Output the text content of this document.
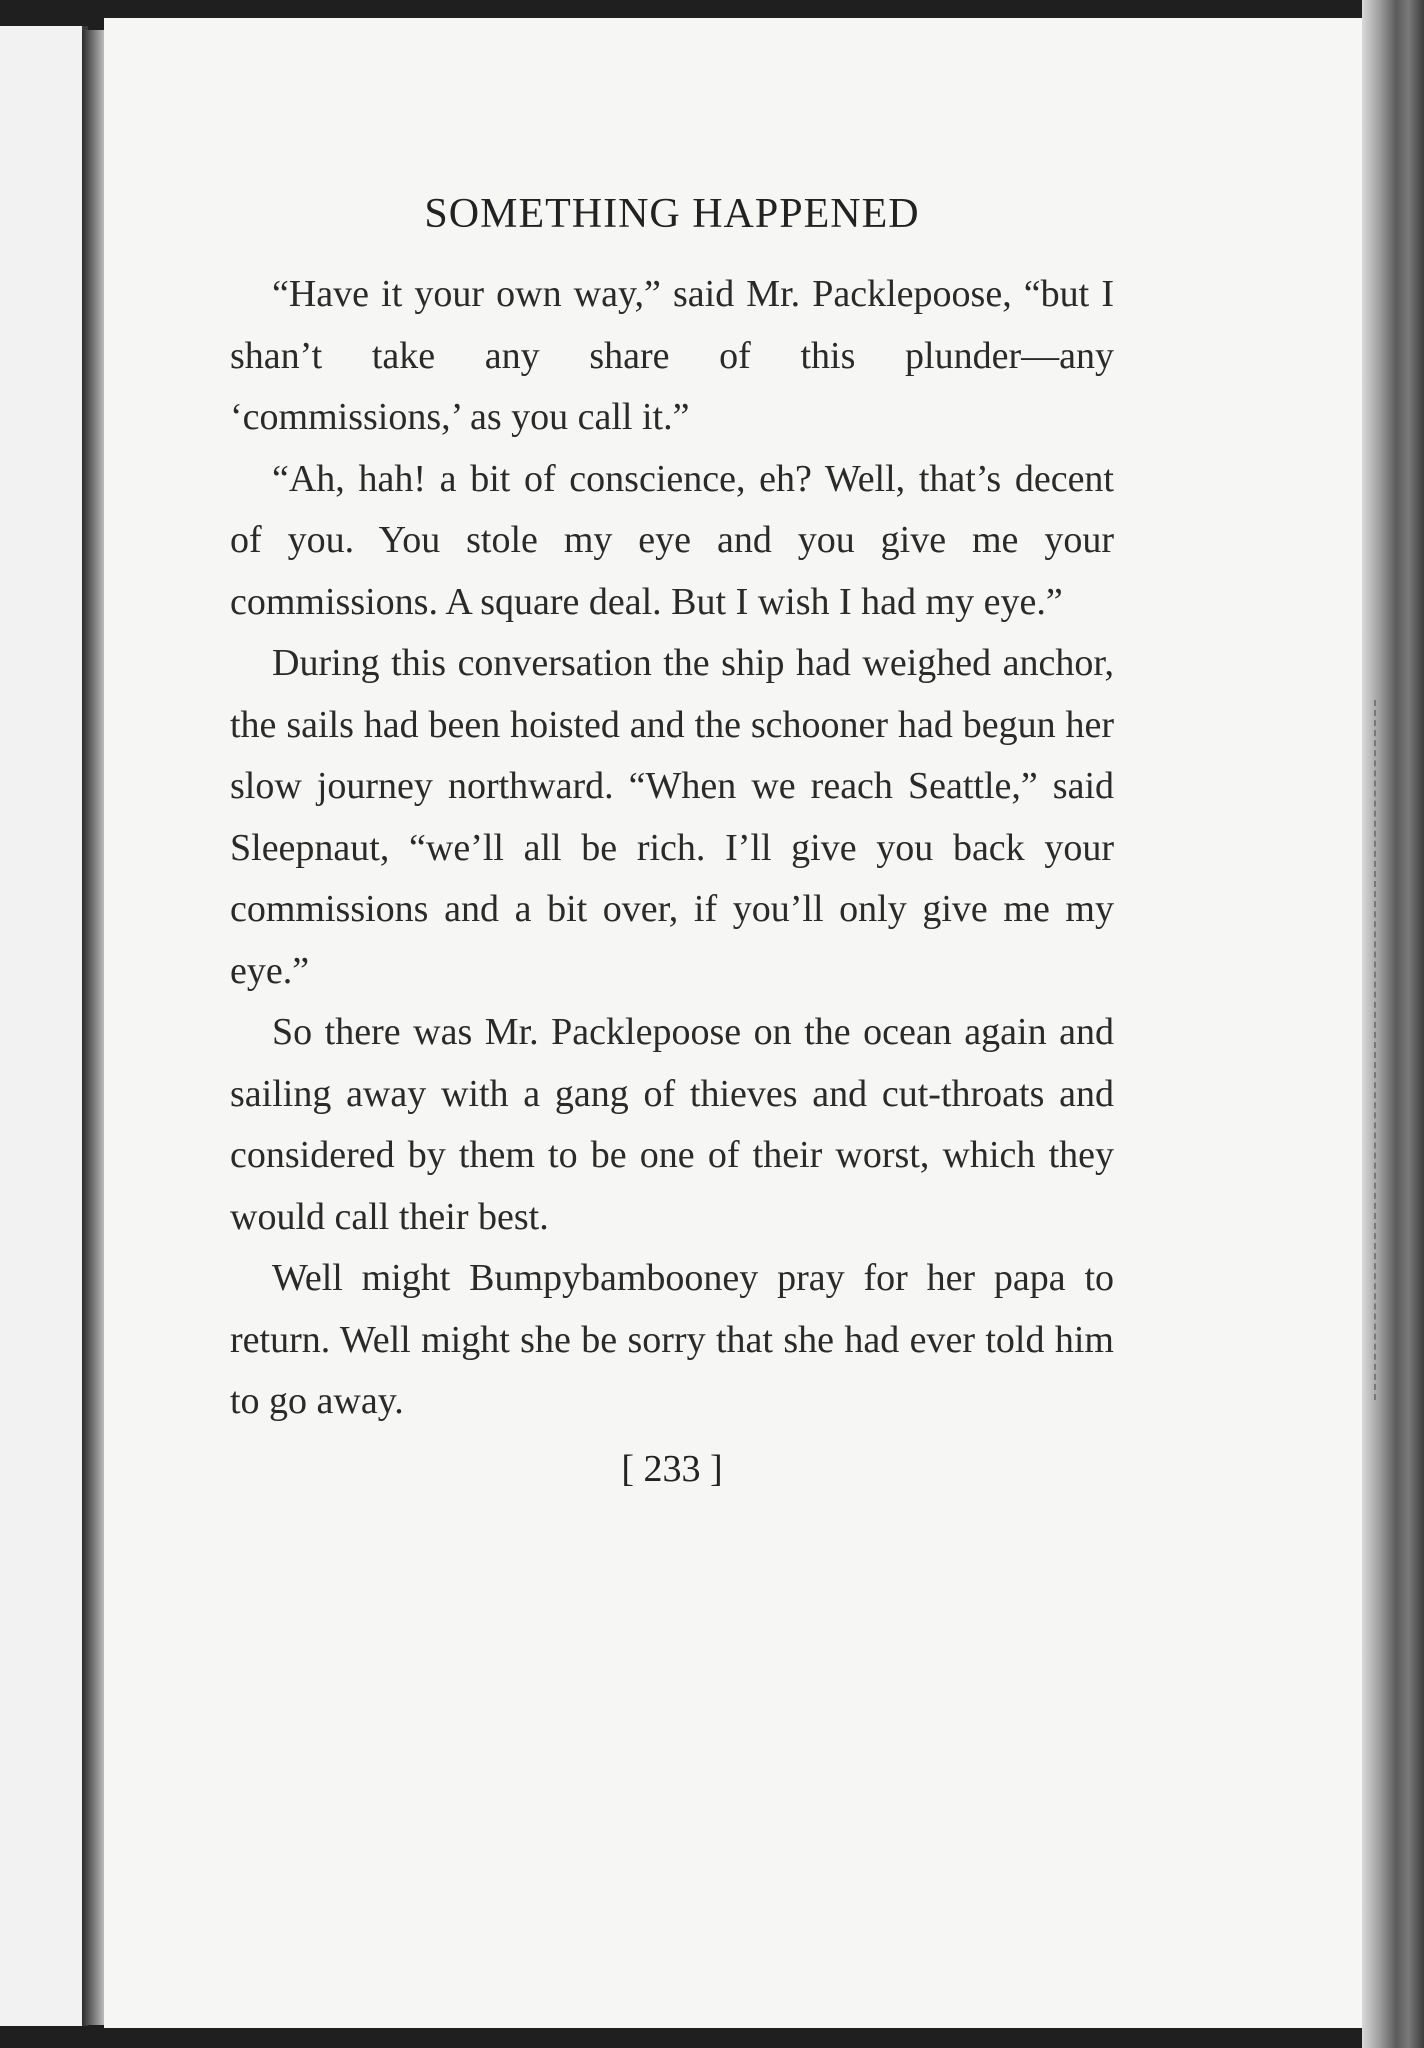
SOMETHING HAPPENED

“Have it your own way,” said Mr. Packlepoose, “but I shan’t take any share of this plunder—any ‘commissions,’ as you call it.”

“Ah, hah! a bit of conscience, eh? Well, that’s decent of you. You stole my eye and you give me your commissions. A square deal. But I wish I had my eye.”

During this conversation the ship had weighed anchor, the sails had been hoisted and the schooner had begun her slow journey northward. “When we reach Seattle,” said Sleepnaut, “we’ll all be rich. I’ll give you back your commissions and a bit over, if you’ll only give me my eye.”

So there was Mr. Packlepoose on the ocean again and sailing away with a gang of thieves and cut-throats and considered by them to be one of their worst, which they would call their best.

Well might Bumpybambooney pray for her papa to return. Well might she be sorry that she had ever told him to go away.

[ 233 ]
